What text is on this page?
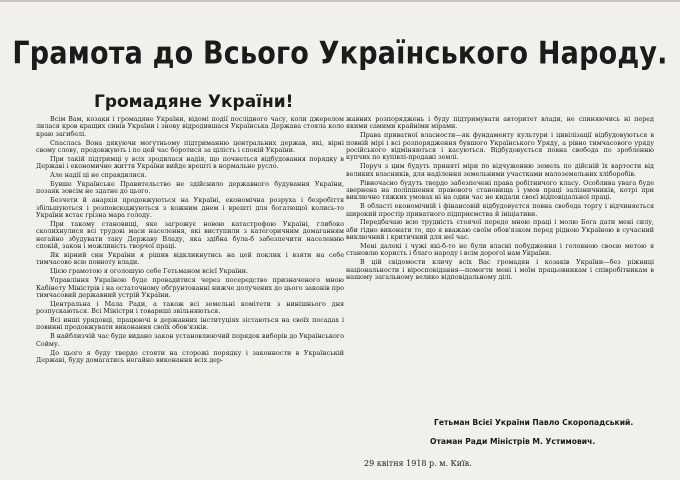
Грамота до Всього Українського Народу.
Громадяне України!

Всім Вам, козаки і громадяне України, відомі події послідного часу, коли джерелом лилася кров кращих синів України і знову відродившася Українська Держава стояла коло краю загибелі.

Спаслась Вона дякуючи могутньому підтриманню центральних держав, які, вірні свому слову, продовжують і по цей час боротися за цілість і спокій України.

При такій підтримці у всіх зродилася надія, що почнеться відбудовання порядку в Державі і економичне життя України вийде врешті в нормальне русло.

Але надії ці не справдилися.

Бувше Українське Правительство не здійснило державного будування України, позаяк зовсім не здатне до цього.

Безчети й анархія продовжуються на Україні, економічна розруха і безробіття збільшуються і розповсюджуються з кожним днем і врешті для богатющої колись-то України встає грізна мара голоду.

При такому становищі, яке загрожує новою катастрофою Україні, глибоко сколихнулися всі трудові маси населення, які виступили з категоричним домаганням негайно збудувати таку Державу Владу, яка здібна була-б забезпечити населенню спокій, закон і можливість творчої праці.

Як вірний син України я рішив відкликнутись на цей поклик і взяти на себе тимчасово всю повноту влади.

Цією грамотою я оголошую себе Гетьманом всієї України.

Управління Україною буде провадитися через посередство призначеного мною Кабінету Міністрів і на остаточному обґрунтованні нижче долучених до цього законів про тимчасовий державний устрій України.

Центральна і Мала Ради, а також всі земельні комітети з нинішнього дня розпускаються. Всі Міністри і товариші звільняються.

Всі инші урядовці, працюючі в державних інституціях зістаються на своїх посадах і повинні продовжувати виконання своїх обов'язків.

В найблизчій час буде видано закон установлюючий порядок виборів до Українського Сойму.

До цього я буду твердо стояти на сторожі порядку і законности в Українській Державі, буду домагатись негайно виконання всіх дер-

жавних розпоряджень і буду підтримувати авторитет влади, не спиняючись ні перед якими самими крайніми мірами.

Права приватної власности—як фундаменту культури і цивілізації відбудовуються в повній мірі і всі розпорядження бувшого Українського Уряду, а рівно тимчасового уряду російського відміняються і касуються. Відбудовується повна свобода по зробленню купчих по купівлі-продажі землі.

Поруч з цим будуть приняті міри по відчуженню земель по дійсній їх вартости від великих власників, для наділення земельними участками малоземельних хліборобів.

Рівночасно будуть твердо забезпечені права робітничого класу. Особлива увага буде звернена на поліпшення правового становища і умов праці залізничників, котрі при виключно тяжких умовах ні на один час не кидали своєї відповідальної праці.

В області економічній і фінансовій відбудовуєтся повна свобода торгу і відчиняється широкий простір приватного підприємства й ініціативи.

Передбачаю всю трудність стоячої передо мною праці і молю Бога дати мені силу, аби гідно виконати те, що я вважаю своїм обов'язком перед рідною Україною в сучасний виключний і критичний для неї час.

Мені далекі і чужі які-б-то не були власні побудження і головною своєю метою я становлю користь і благо народу і всім дорогої нам України.

В цій свідомости кличу всіх Вас громадян і козаків України—без ріжниці національности і віросповідання—помогти мені і моїм працьовникам і співробітникам в нашому загальному велико відповідальному ділі.

Гетьман Всієї України Павло Скоропадський.
Отаман Ради Міністрів М. Устимович.
29 квітня 1918 р. м. Київ.
